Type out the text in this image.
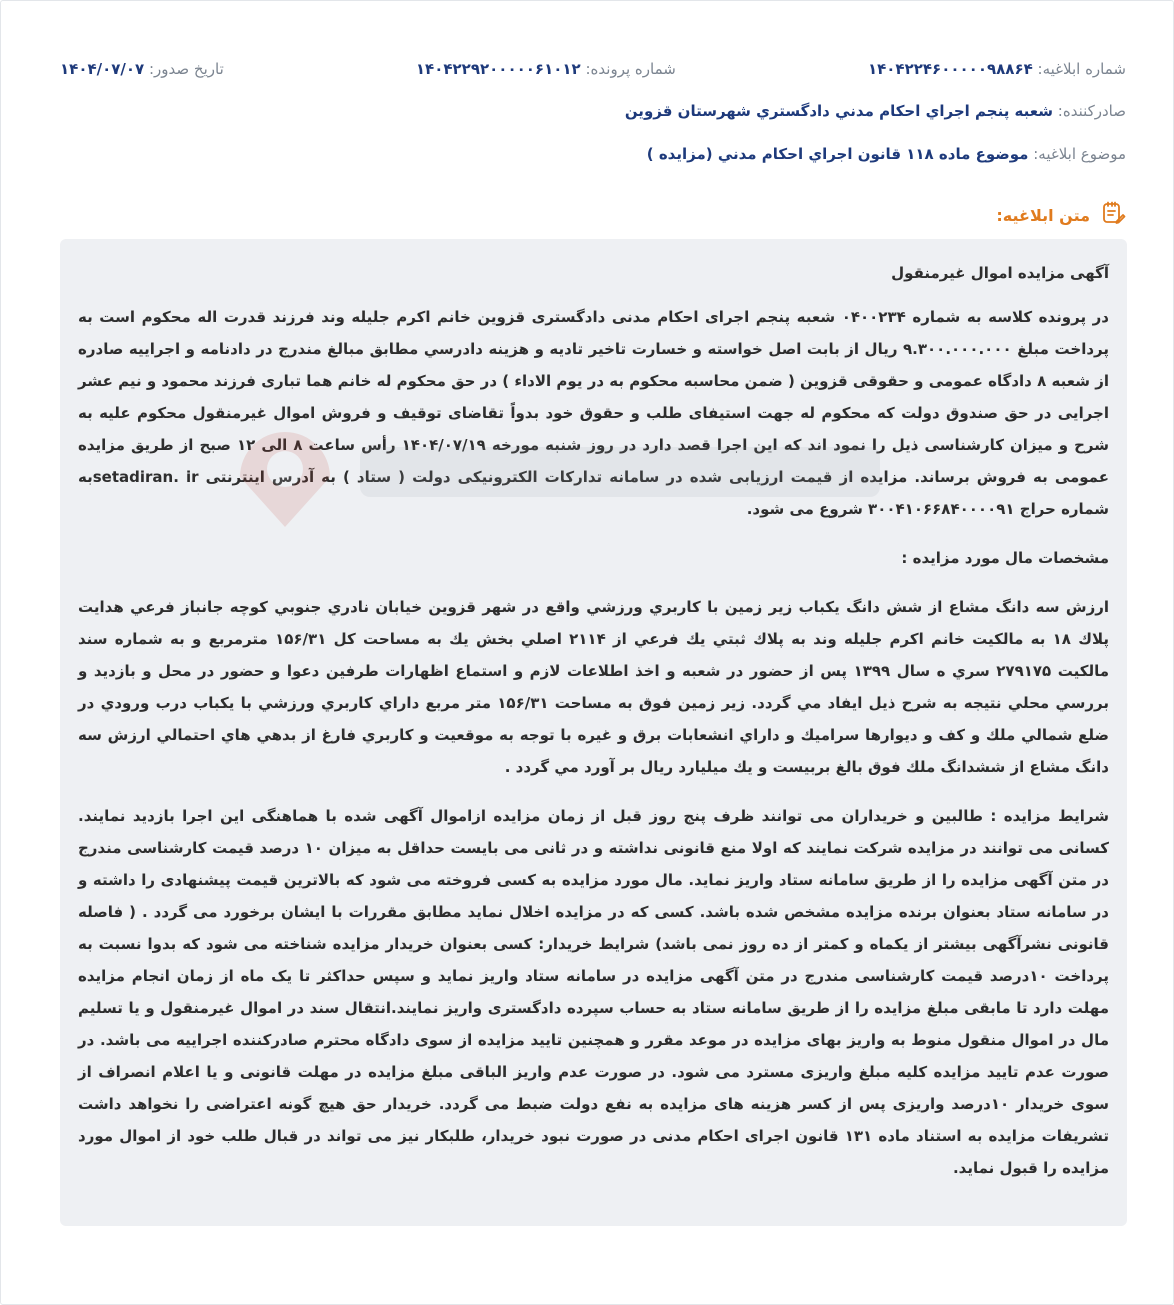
شماره ابلاغیه: ۱۴۰۴۲۲۴۶۰۰۰۰۰۹۸۸۶۴
شماره پرونده: ۱۴۰۴۲۲۹۲۰۰۰۰۰۶۱۰۱۲
تاریخ صدور: ۱۴۰۴/۰۷/۰۷
صادرکننده: شعبه پنجم اجراي احكام مدني دادگستري شهرستان قزوين
موضوع ابلاغیه: موضوع ماده ۱۱۸ قانون اجراي احكام مدني (مزايده )
متن ابلاغیه:

آگهی مزایده اموال غیرمنقول

در پرونده کلاسه به شماره ۰۴۰۰۲۳۴ شعبه پنجم اجرای احکام مدنی دادگستری قزوین خانم اکرم جلیله وند فرزند قدرت اله محکوم است به پرداخت مبلغ ۹.۳۰۰.۰۰۰.۰۰۰ ریال از بابت اصل خواسته و خسارت تاخیر تادیه و هزینه دادرسي مطابق مبالغ مندرج در دادنامه و اجراییه صادره از شعبه ۸ دادگاه عمومی و حقوقی قزوین ( ضمن محاسبه محکوم به در یوم الاداء ) در حق محکوم له خانم هما تباری فرزند محمود و نیم عشر اجرایی در حق صندوق دولت که محکوم له جهت استیفای طلب و حقوق خود بدواً تقاضای توقیف و فروش اموال غیرمنقول محکوم علیه به شرح و میزان کارشناسی ذیل را نمود اند که این اجرا قصد دارد در روز شنبه مورخه ۱۴۰۴/۰۷/۱۹ رأس ساعت ۸ الی ۱۲ صبح از طریق مزایده عمومی به فروش برساند. مزایده از قیمت ارزیابی شده در سامانه تدارکات الکترونیکی دولت ( ستاد ) به آدرس اینترنتی setadiran. irبه شماره حراج ۳۰۰۴۱۰۶۶۸۴۰۰۰۰۹۱ شروع می شود.

مشخصات مال مورد مزایده :

ارزش سه دانگ مشاع از شش دانگ يكباب زير زمين با كاربري ورزشي واقع در شهر قزوين خيابان نادري جنوبي كوچه جانباز فرعي هدايت پلاك ۱۸ به مالكيت خانم اكرم جليله وند به پلاك ثبتي يك فرعي از ۲۱۱۴ اصلي بخش يك به مساحت كل ۱۵۶/۳۱ مترمربع و به شماره سند مالكيت ۲۷۹۱۷۵ سري ه سال ۱۳۹۹ پس از حضور در شعبه و اخذ اطلاعات لازم و استماع اظهارات طرفين دعوا و حضور در محل و بازديد و بررسي محلي نتيجه به شرح ذيل ايفاد مي گردد. زير زمين فوق به مساحت ۱۵۶/۳۱ متر مربع داراي كاربري ورزشي با يكباب درب ورودي در ضلع شمالي ملك و كف و ديوارها سراميك و داراي انشعابات برق و غيره با توجه به موقعيت و كاربري فارغ از بدهي هاي احتمالي ارزش سه دانگ مشاع از ششدانگ ملك فوق بالغ بربيست و يك ميليارد ريال بر آورد مي گردد .

شرایط مزایده : طالبین و خریداران می توانند ظرف پنج روز قبل از زمان مزایده ازاموال آگهی شده با هماهنگی این اجرا بازدید نمایند. کسانی می توانند در مزایده شرکت نمایند که اولا منع قانونی نداشته و در ثانی می بایست حداقل به میزان ۱۰ درصد قیمت کارشناسی مندرج در متن آگهی مزایده را از طریق سامانه ستاد واریز نماید. مال مورد مزایده به کسی فروخته می شود که بالاترین قیمت پیشنهادی را داشته و در سامانه ستاد بعنوان برنده مزایده مشخص شده باشد. کسی که در مزایده اخلال نماید مطابق مقررات با ایشان برخورد می گردد . ( فاصله قانونی نشرآگهی بیشتر از یکماه و کمتر از ده روز نمی باشد) شرایط خریدار: کسی بعنوان خریدار مزایده شناخته می شود که بدوا نسبت به پرداخت ۱۰درصد قیمت کارشناسی مندرج در متن آگهی مزایده در سامانه ستاد واریز نماید و سپس حداکثر تا یک ماه از زمان انجام مزایده مهلت دارد تا مابقی مبلغ مزایده را از طریق سامانه ستاد به حساب سپرده دادگستری واریز نمایند.انتقال سند در اموال غیرمنقول و یا تسلیم مال در اموال منقول منوط به واریز بهای مزایده در موعد مقرر و همچنین تایید مزایده از سوی دادگاه محترم صادرکننده اجراییه می باشد. در صورت عدم تایید مزایده کلیه مبلغ واریزی مسترد می شود. در صورت عدم واریز الباقی مبلغ مزایده در مهلت قانونی و یا اعلام انصراف از سوی خریدار ۱۰درصد واریزی پس از کسر هزینه های مزایده به نفع دولت ضبط می گردد. خریدار حق هیچ گونه اعتراضی را نخواهد داشت تشریفات مزایده به استناد ماده ۱۳۱ قانون اجرای احکام مدنی در صورت نبود خریدار، طلبکار نیز می تواند در قبال طلب خود از اموال مورد مزایده را قبول نماید.
